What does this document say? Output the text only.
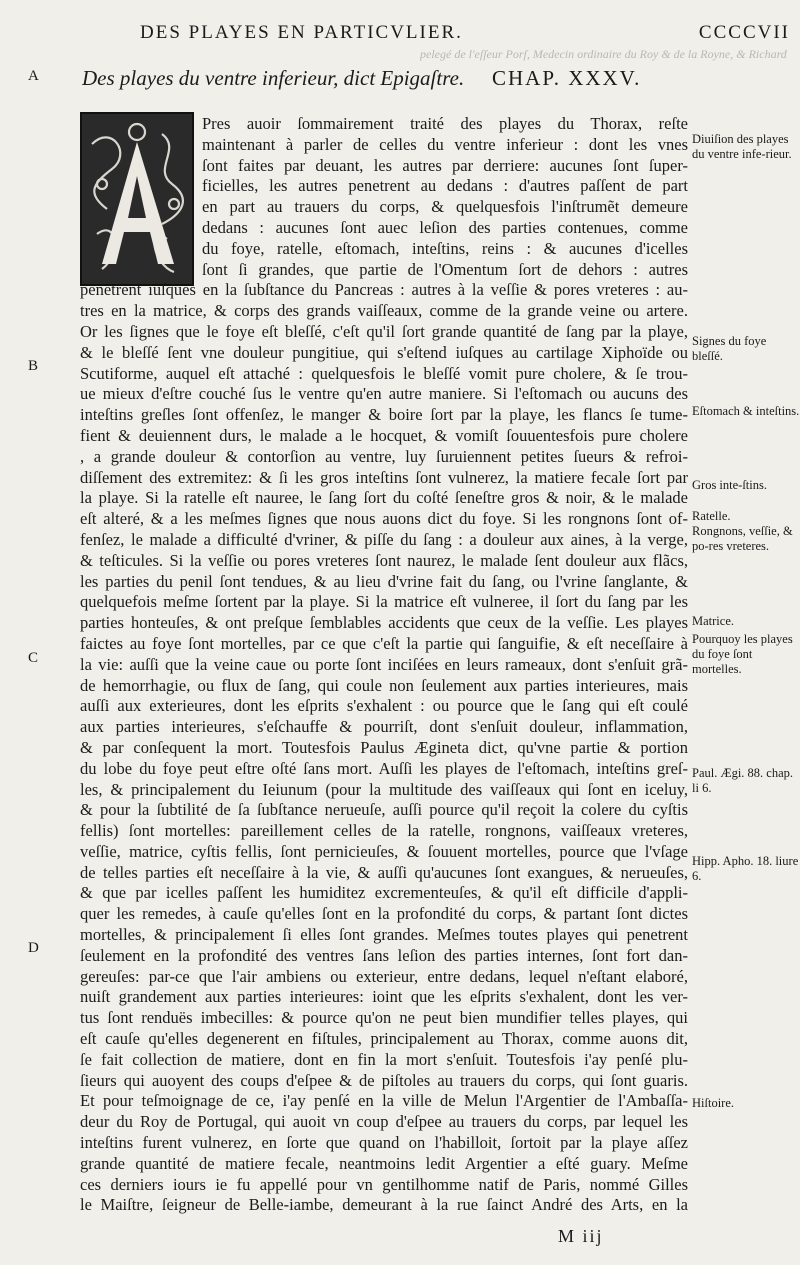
DES PLAYES EN PARTICVLIER.	CCCCVII
pelegé de l'eſſeur Porſ, Medecin ordinaire du Roy & de la Royne, & Richard
Des playes du ventre inferieur, dict Epigaſtre. CHAP. XXXV.
A
B
C
D
Pres auoir ſommairement traité des playes du Thorax, reſte
maintenant à parler de celles du ventre inferieur : dont les vnes
ſont faites par deuant, les autres par derriere: aucunes ſont ſuper-
ficielles, les autres penetrent au dedans : d'autres paſſent de part
en part au trauers du corps, & quelquesfois l'inſtrumẽt demeure
dedans : aucunes ſont auec leſion des parties contenues, comme
du foye, ratelle, eſtomach, inteſtins, reins : & aucunes d'icelles
ſont ſi grandes, que partie de l'Omentum ſort de dehors : autres
penetrent iuſques en la ſubſtance du Pancreas : autres à la veſſie & pores vreteres : au-
tres en la matrice, & corps des grands vaiſſeaux, comme de la grande veine ou artere.
Or les ſignes que le foye eſt bleſſé, c'eſt qu'il ſort grande quantité de ſang par la playe,
& le bleſſé ſent vne douleur pungitiue, qui s'eſtend iuſques au cartilage Xiphoïde ou
Scutiforme, auquel eſt attaché : quelquesfois le bleſſé vomit pure cholere, & ſe trou-
ue mieux d'eſtre couché ſus le ventre qu'en autre maniere. Si l'eſtomach ou aucuns des
inteſtins greſles ſont offenſez, le manger & boire ſort par la playe, les flancs ſe tume-
fient & deuiennent durs, le malade a le hocquet, & vomiſt ſouuentesfois pure cholere
, a grande douleur & contorſion au ventre, luy ſuruiennent petites ſueurs & refroi-
diſſement des extremitez: & ſi les gros inteſtins ſont vulnerez, la matiere fecale ſort par
la playe. Si la ratelle eſt nauree, le ſang ſort du coſté ſeneſtre gros & noir, & le malade
eſt alteré, & a les meſmes ſignes que nous auons dict du foye. Si les rongnons ſont of-
fenſez, le malade a difficulté d'vriner, & piſſe du ſang : a douleur aux aines, à la verge,
& teſticules. Si la veſſie ou pores vreteres ſont naurez, le malade ſent douleur aux flãcs,
les parties du penil ſont tendues, & au lieu d'vrine fait du ſang, ou l'vrine ſanglante, &
quelquefois meſme ſortent par la playe. Si la matrice eſt vulneree, il ſort du ſang par les
parties honteuſes, & ont preſque ſemblables accidents que ceux de la veſſie. Les playes
faictes au foye ſont mortelles, par ce que c'eſt la partie qui ſanguifie, & eſt neceſſaire à
la vie: auſſi que la veine caue ou porte ſont inciſées en leurs rameaux, dont s'enſuit grã-
de hemorrhagie, ou flux de ſang, qui coule non ſeulement aux parties interieures, mais
auſſi aux exterieures, dont les eſprits s'exhalent : ou pource que le ſang qui eſt coulé
aux parties interieures, s'eſchauffe & pourriſt, dont s'enſuit douleur, inflammation,
& par conſequent la mort. Toutesfois Paulus Ægineta dict, qu'vne partie & portion
du lobe du foye peut eſtre oſté ſans mort. Auſſi les playes de l'eſtomach, inteſtins greſ-
les, & principalement du Ieiunum (pour la multitude des vaiſſeaux qui ſont en iceluy,
& pour la ſubtilité de ſa ſubſtance nerueuſe, auſſi pource qu'il reçoit la colere du cyſtis
fellis) ſont mortelles: pareillement celles de la ratelle, rongnons, vaiſſeaux vreteres,
veſſie, matrice, cyſtis fellis, ſont pernicieuſes, & ſouuent mortelles, pource que l'vſage
de telles parties eſt neceſſaire à la vie, & auſſi qu'aucunes ſont exangues, & nerueuſes,
& que par icelles paſſent les humiditez excrementeuſes, & qu'il eſt difficile d'appli-
quer les remedes, à cauſe qu'elles ſont en la profondité du corps, & partant ſont dictes
mortelles, & principalement ſi elles ſont grandes. Meſmes toutes playes qui penetrent
ſeulement en la profondité des ventres ſans leſion des parties internes, ſont fort dan-
gereuſes: par-ce que l'air ambiens ou exterieur, entre dedans, lequel n'eſtant elaboré,
nuiſt grandement aux parties interieures: ioint que les eſprits s'exhalent, dont les ver-
tus ſont renduës imbecilles: & pource qu'on ne peut bien mundifier telles playes, qui
eſt cauſe qu'elles degenerent en fiſtules, principalement au Thorax, comme auons dit,
ſe fait collection de matiere, dont en fin la mort s'enſuit. Toutesfois i'ay penſé plu-
ſieurs qui auoyent des coups d'eſpee & de piſtoles au trauers du corps, qui ſont guaris.
Et pour teſmoignage de ce, i'ay penſé en la ville de Melun l'Argentier de l'Ambaſſa-
deur du Roy de Portugal, qui auoit vn coup d'eſpee au trauers du corps, par lequel les
inteſtins furent vulnerez, en ſorte que quand on l'habilloit, ſortoit par la playe aſſez
grande quantité de matiere fecale, neantmoins ledit Argentier a eſté guary. Meſme
ces derniers iours ie fu appellé pour vn gentilhomme natif de Paris, nommé Gilles
le Maiſtre, ſeigneur de Belle-iambe, demeurant à la rue ſainct André des Arts, en la
Diuiſion des playes du ventre infe-rieur.
Signes du foye bleſſé.
Eſtomach & inteſtins.
Gros inte-ſtins.
Ratelle.
Rongnons, veſſie, & po-res vreteres.
Matrice.
Pourquoy les playes du foye ſont mortelles.
Paul. Ægi. 88. chap. li 6.
Hipp. Apho. 18. liure 6.
Hiſtoire.
M iij
